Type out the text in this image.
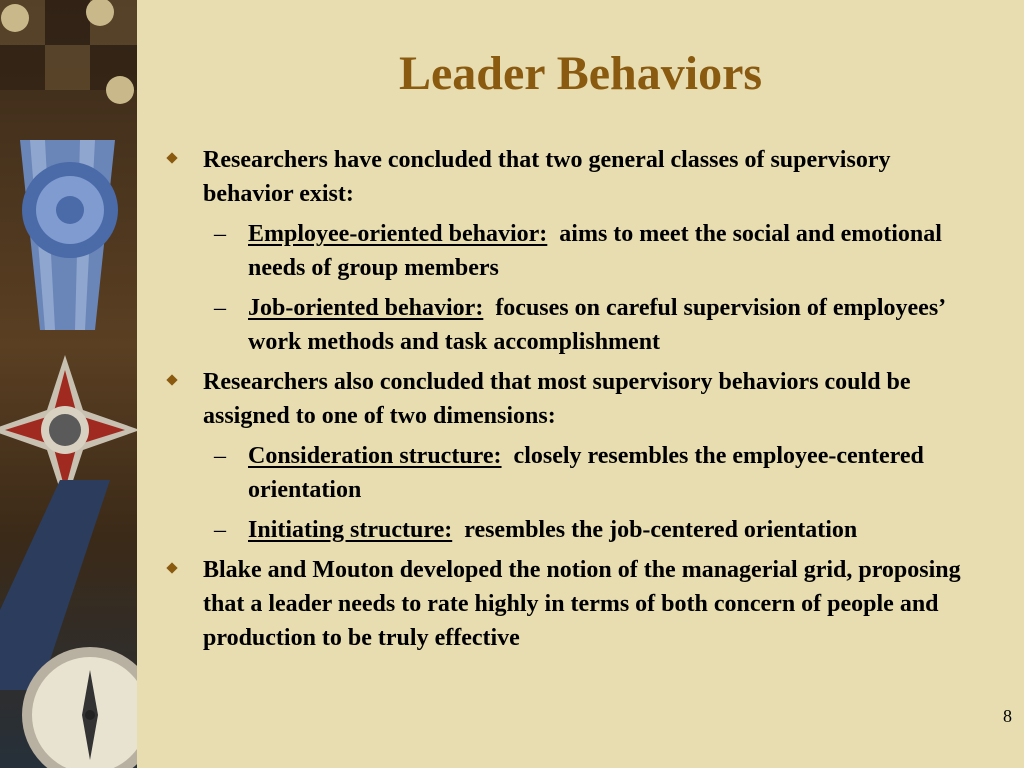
Leader Behaviors
Researchers have concluded that two general classes of supervisory behavior exist:
– Employee-oriented behavior: aims to meet the social and emotional needs of group members
– Job-oriented behavior: focuses on careful supervision of employees’ work methods and task accomplishment
Researchers also concluded that most supervisory behaviors could be assigned to one of two dimensions:
– Consideration structure: closely resembles the employee-centered orientation
– Initiating structure: resembles the job-centered orientation
Blake and Mouton developed the notion of the managerial grid, proposing that a leader needs to rate highly in terms of both concern of people and production to be truly effective
8
